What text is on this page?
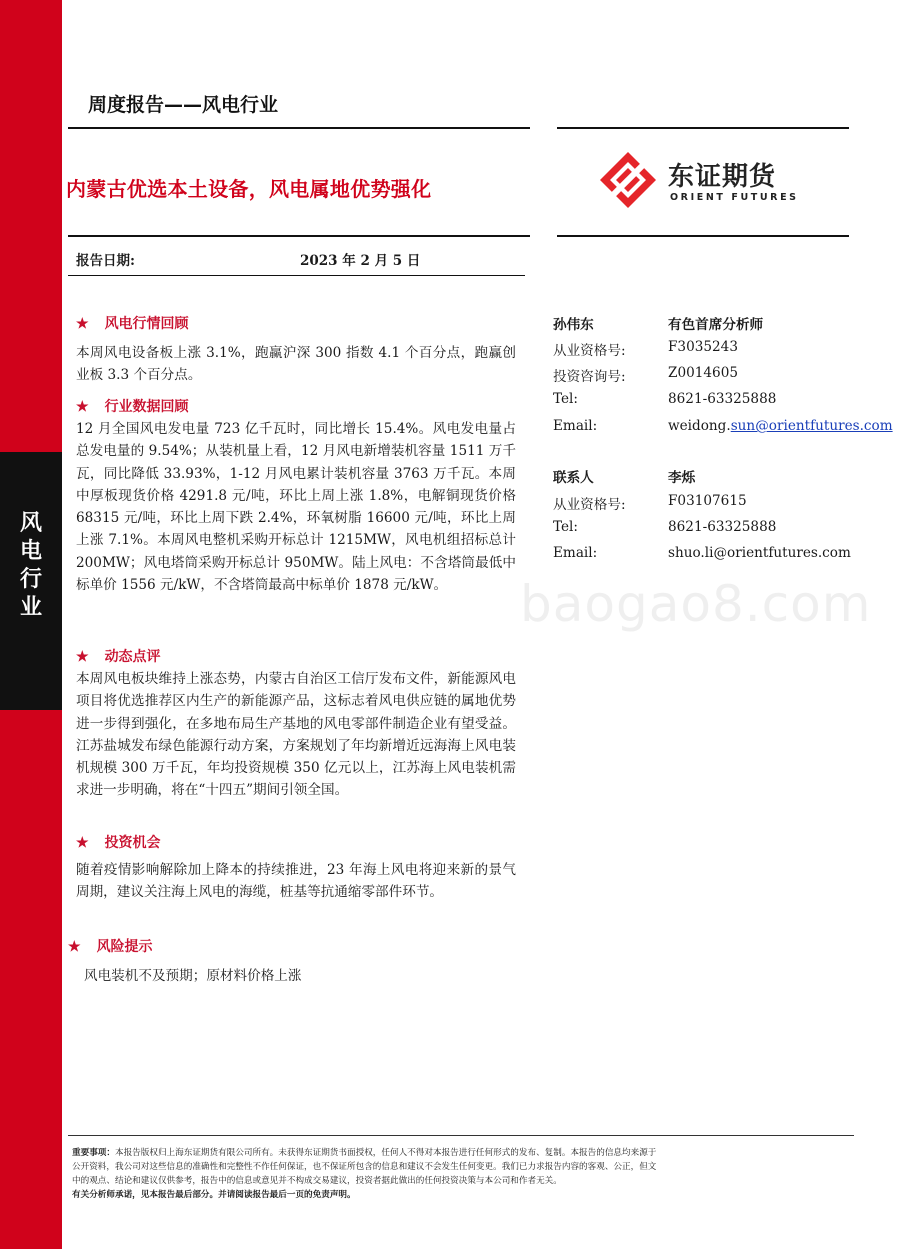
风
电
行
业
周度报告——风电行业
内蒙古优选本土设备，风电属地优势强化	东证期货
ORIENT FUTURES
报告日期:	2023 年 2 月 5 日
★ 风电行情回顾
本周风电设备板上涨 3.1%，跑赢沪深 300 指数 4.1 个百分点，跑赢创业板 3.3 个百分点。
★ 行业数据回顾
12 月全国风电发电量 723 亿千瓦时，同比增长 15.4%。风电发电量占总发电量的 9.54%；从装机量上看，12 月风电新增装机容量 1511 万千瓦，同比降低 33.93%，1-12 月风电累计装机容量 3763 万千瓦。本周中厚板现货价格 4291.8 元/吨，环比上周上涨 1.8%，电解铜现货价格 68315 元/吨，环比上周下跌 2.4%，环氧树脂 16600 元/吨，环比上周上涨 7.1%。本周风电整机采购开标总计 1215MW，风电机组招标总计 200MW；风电塔筒采购开标总计 950MW。陆上风电：不含塔筒最低中标单价 1556 元/kW，不含塔筒最高中标单价 1878 元/kW。
★ 动态点评
本周风电板块维持上涨态势，内蒙古自治区工信厅发布文件，新能源风电项目将优选推荐区内生产的新能源产品，这标志着风电供应链的属地优势进一步得到强化，在多地布局生产基地的风电零部件制造企业有望受益。江苏盐城发布绿色能源行动方案，方案规划了年均新增近远海海上风电装机规模 300 万千瓦，年均投资规模 350 亿元以上，江苏海上风电装机需求进一步明确，将在“十四五”期间引领全国。
★ 投资机会
随着疫情影响解除加上降本的持续推进，23 年海上风电将迎来新的景气周期，建议关注海上风电的海缆，桩基等抗通缩零部件环节。
★ 风险提示
风电装机不及预期；原材料价格上涨
孙伟东	有色首席分析师
从业资格号:	F3035243
投资咨询号:	Z0014605
Tel:	8621-63325888
Email:	weidong.sun@orientfutures.com
联系人	李烁
从业资格号:	F03107615
Tel:	8621-63325888
Email:	shuo.li@orientfutures.com
baogao8.com
重要事项：本报告版权归上海东证期货有限公司所有。未获得东证期货书面授权，任何人不得对本报告进行任何形式的发布、复制。本报告的信息均来源于
公开资料，我公司对这些信息的准确性和完整性不作任何保证，也不保证所包含的信息和建议不会发生任何变更。我们已力求报告内容的客观、公正，但文
中的观点、结论和建议仅供参考，报告中的信息或意见并不构成交易建议，投资者据此做出的任何投资决策与本公司和作者无关。
有关分析师承诺，见本报告最后部分。并请阅读报告最后一页的免责声明。
